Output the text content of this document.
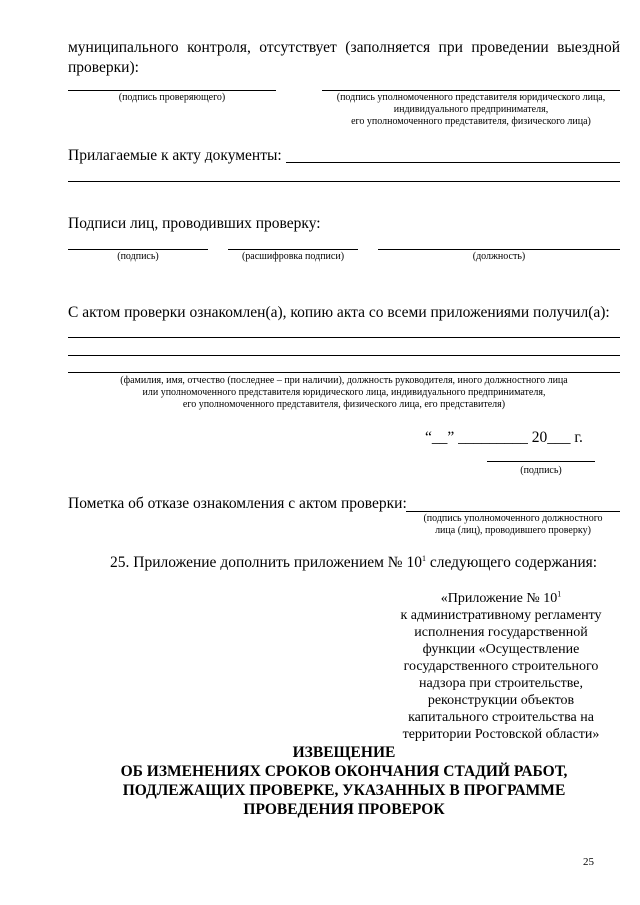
муниципального контроля, отсутствует (заполняется при проведении выездной проверки):
(подпись проверяющего)	(подпись уполномоченного представителя юридического лица,
индивидуального предпринимателя,
его уполномоченного представителя, физического лица)
Прилагаемые к акту документы:
Подписи лиц, проводивших проверку:
(подпись)	(расшифровка подписи)	(должность)
С актом проверки ознакомлен(а), копию акта со всеми приложениями получил(а):
(фамилия, имя, отчество (последнее – при наличии), должность руководителя, иного должностного лица
или уполномоченного представителя юридического лица, индивидуального предпринимателя,
его уполномоченного представителя, физического лица, его представителя)
“__” _________ 20___ г.
(подпись)
Пометка об отказе ознакомления с актом проверки:
(подпись уполномоченного должностного
лица (лиц), проводившего проверку)
25. Приложение дополнить приложением № $10^1$ следующего содержания:
«Приложение № $10^1$
к административному регламенту
исполнения государственной
функции «Осуществление
государственного строительного
надзора при строительстве,
реконструкции объектов
капитального строительства на
территории Ростовской области»
ИЗВЕЩЕНИЕ
ОБ ИЗМЕНЕНИЯХ СРОКОВ ОКОНЧАНИЯ СТАДИЙ РАБОТ,
ПОДЛЕЖАЩИХ ПРОВЕРКЕ, УКАЗАННЫХ В ПРОГРАММЕ
ПРОВЕДЕНИЯ ПРОВЕРОК
25
